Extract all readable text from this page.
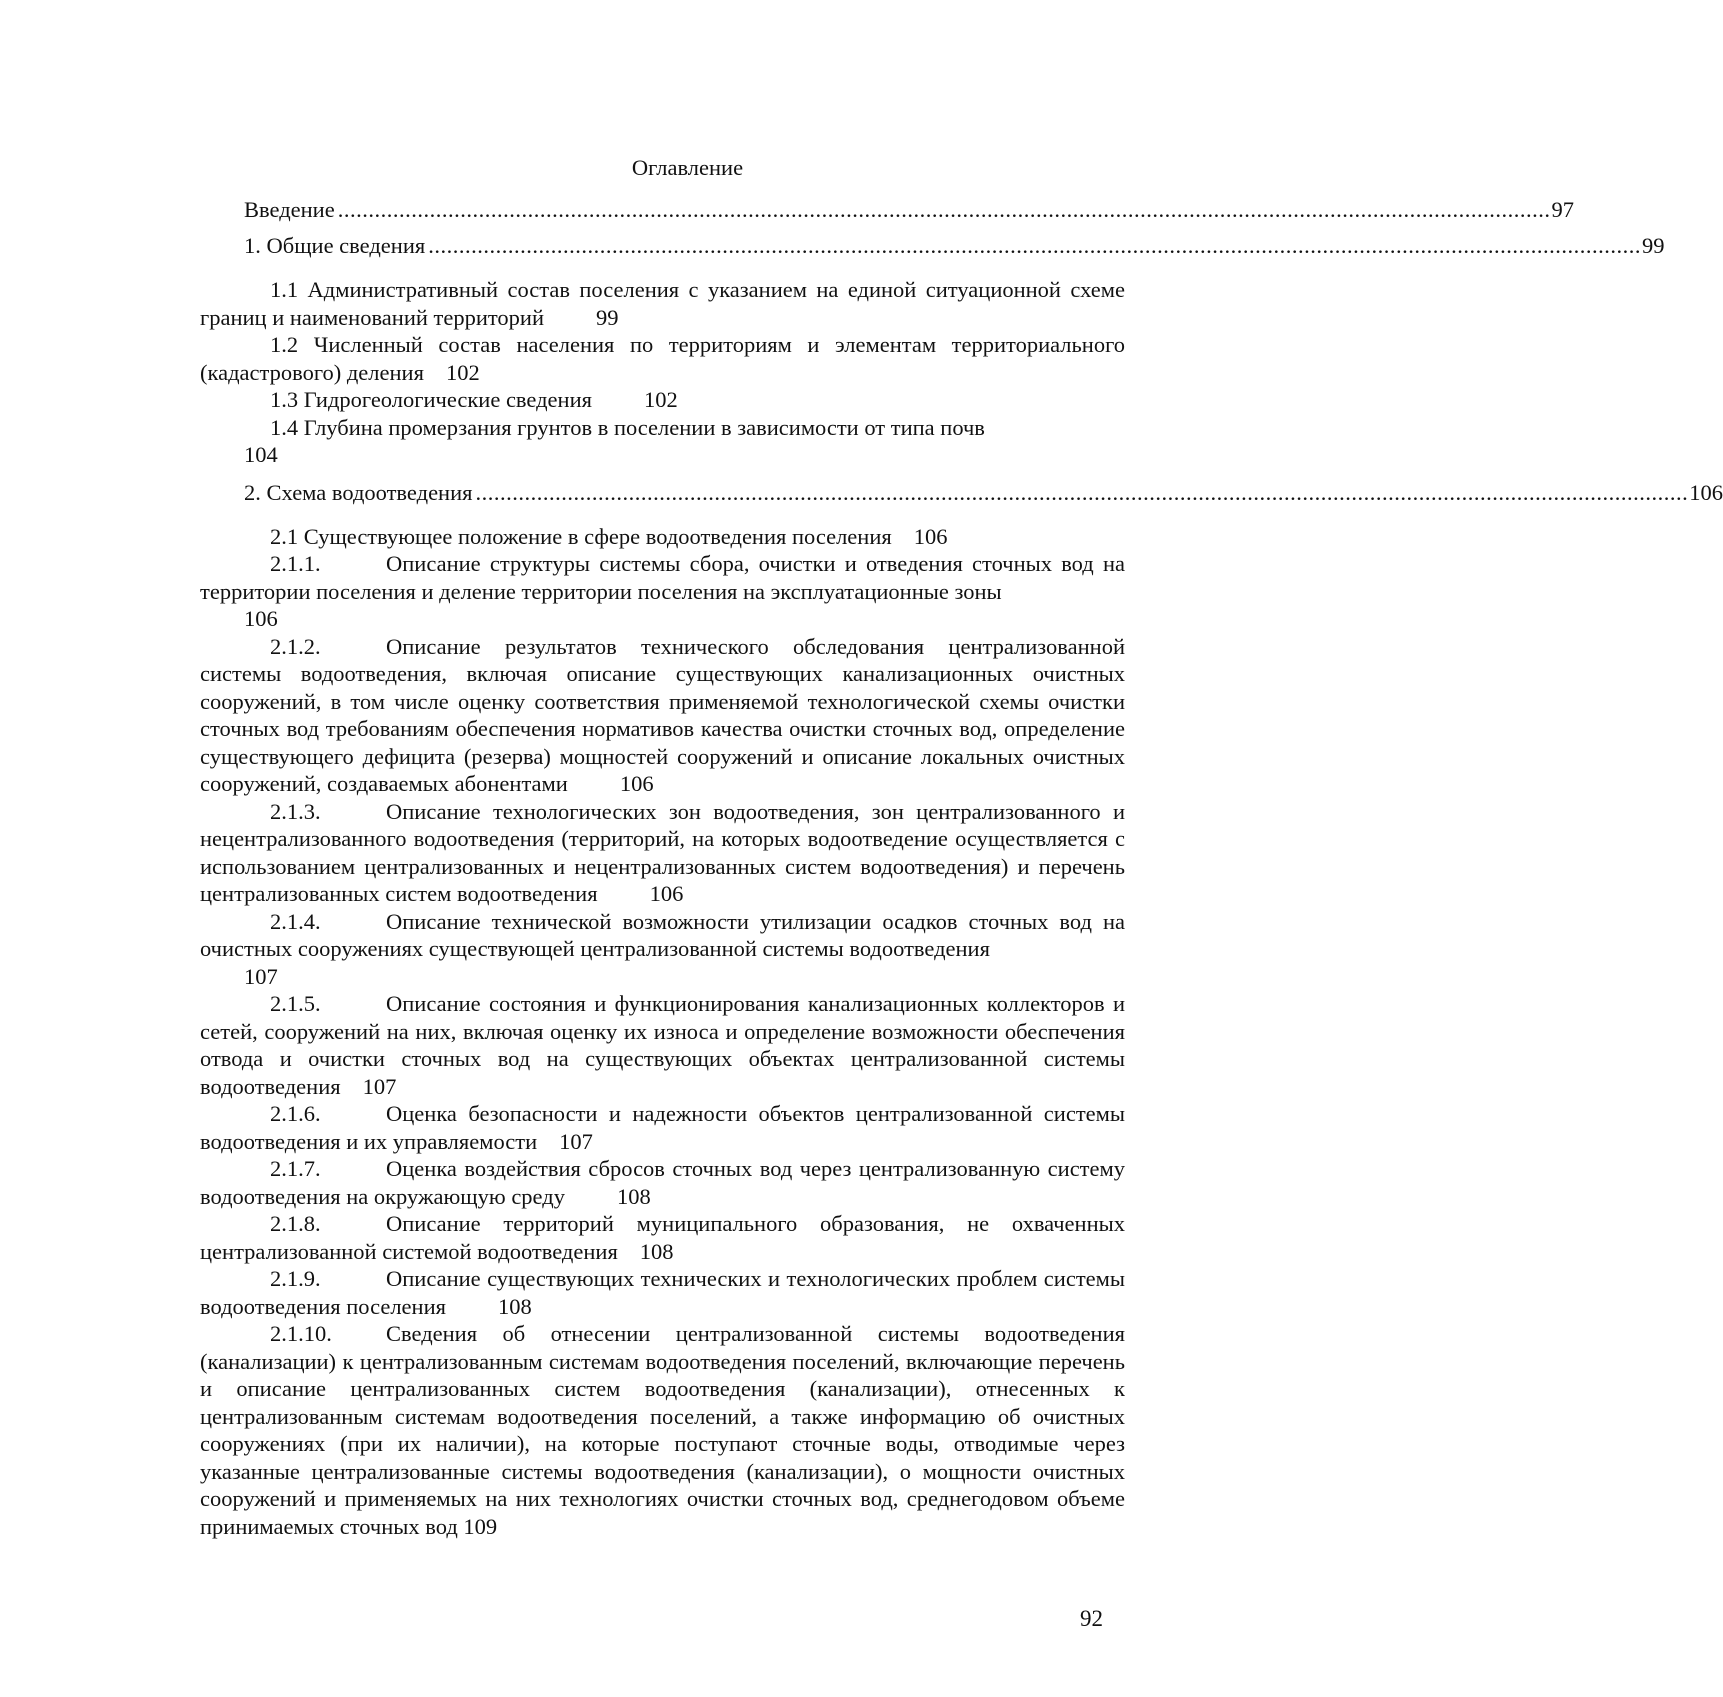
Оглавление
Введение ...................................................................................................................................................................................................... 97
1. Общие сведения ...................................................................................................................................................................................................... 99

1.1 Административный состав поселения с указанием на единой ситуационной схеме границ и наименований территорий 99

1.2 Численный состав населения по территориям и элементам территориального (кадастрового) деления 102

1.3 Гидрогеологические сведения 102

1.4 Глубина промерзания грунтов в поселении в зависимости от типа почв
104

2. Схема водоотведения ...................................................................................................................................................................................................... 106

2.1 Существующее положение в сфере водоотведения поселения 106

2.1.1.	Описание структуры системы сбора, очистки и отведения сточных вод на территории поселения и деление территории поселения на эксплуатационные зоны
106

2.1.2.	Описание результатов технического обследования централизованной системы водоотведения, включая описание существующих канализационных очистных сооружений, в том числе оценку соответствия применяемой технологической схемы очистки сточных вод требованиям обеспечения нормативов качества очистки сточных вод, определение существующего дефицита (резерва) мощностей сооружений и описание локальных очистных сооружений, создаваемых абонентами 106

2.1.3.	Описание технологических зон водоотведения, зон централизованного и нецентрализованного водоотведения (территорий, на которых водоотведение осуществляется с использованием централизованных и нецентрализованных систем водоотведения) и перечень централизованных систем водоотведения 106

2.1.4.	Описание технической возможности утилизации осадков сточных вод на очистных сооружениях существующей централизованной системы водоотведения
107

2.1.5.	Описание состояния и функционирования канализационных коллекторов и сетей, сооружений на них, включая оценку их износа и определение возможности обеспечения отвода и очистки сточных вод на существующих объектах централизованной системы водоотведения 107

2.1.6.	Оценка безопасности и надежности объектов централизованной системы водоотведения и их управляемости 107

2.1.7.	Оценка воздействия сбросов сточных вод через централизованную систему водоотведения на окружающую среду 108

2.1.8.	Описание территорий муниципального образования, не охваченных централизованной системой водоотведения 108

2.1.9.	Описание существующих технических и технологических проблем системы водоотведения поселения 108

2.1.10. Сведения об отнесении централизованной системы водоотведения (канализации) к централизованным системам водоотведения поселений, включающие перечень и описание централизованных систем водоотведения (канализации), отнесенных к централизованным системам водоотведения поселений, а также информацию об очистных сооружениях (при их наличии), на которые поступают сточные воды, отводимые через указанные централизованные системы водоотведения (канализации), о мощности очистных сооружений и применяемых на них технологиях очистки сточных вод, среднегодовом объеме принимаемых сточных вод 109

92
